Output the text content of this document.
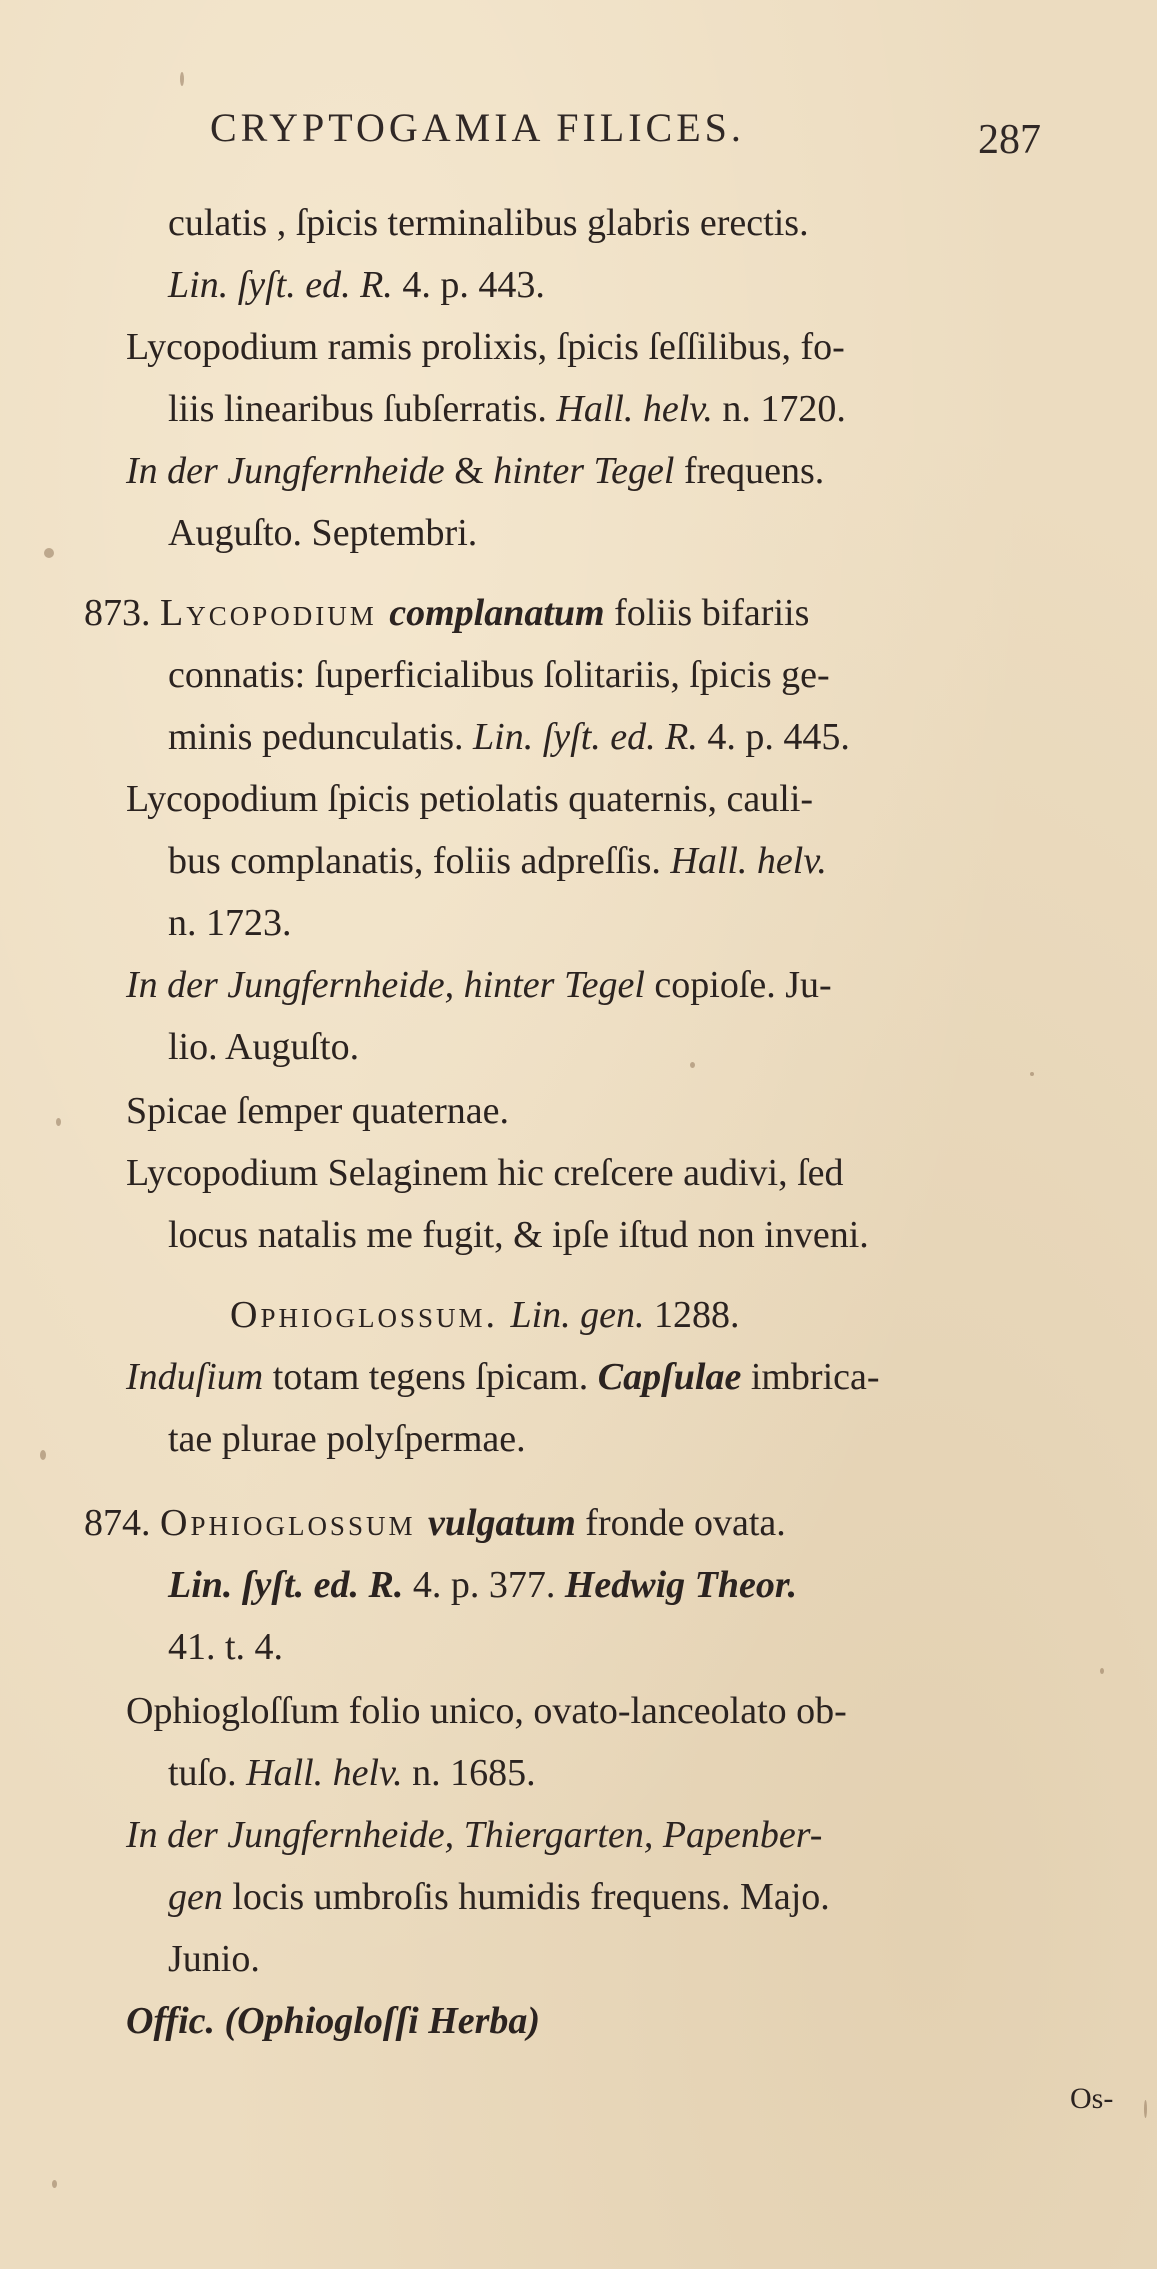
CRYPTOGAMIA FILICES.	287
culatis , ſpicis terminalibus glabris erectis.
Lin. ſyſt. ed. R. 4. p. 443.
Lycopodium ramis prolixis, ſpicis ſeſſilibus, fo-
liis linearibus ſubſerratis. Hall. helv. n. 1720.
In der Jungfernheide & hinter Tegel frequens.
Auguſto. Septembri.
873. Lycopodium complanatum foliis bifariis
connatis: ſuperficialibus ſolitariis, ſpicis ge-
minis pedunculatis. Lin. ſyſt. ed. R. 4. p. 445.
Lycopodium ſpicis petiolatis quaternis, cauli-
bus complanatis, foliis adpreſſis. Hall. helv.
n. 1723.
In der Jungfernheide, hinter Tegel copioſe. Ju-
lio. Auguſto.
Spicae ſemper quaternae.
Lycopodium Selaginem hic creſcere audivi, ſed
locus natalis me fugit, & ipſe iſtud non inveni.
Ophioglossum. Lin. gen. 1288.
Induſium totam tegens ſpicam. Capſulae imbrica-
tae plurae polyſpermae.
874. Ophioglossum vulgatum fronde ovata.
Lin. ſyſt. ed. R. 4. p. 377. Hedwig Theor.
41. t. 4.
Ophiogloſſum folio unico, ovato-lanceolato ob-
tuſo. Hall. helv. n. 1685.
In der Jungfernheide, Thiergarten, Papenber-
gen locis umbroſis humidis frequens. Majo.
Junio.
Offic. (Ophiogloſſi Herba)
Os-
